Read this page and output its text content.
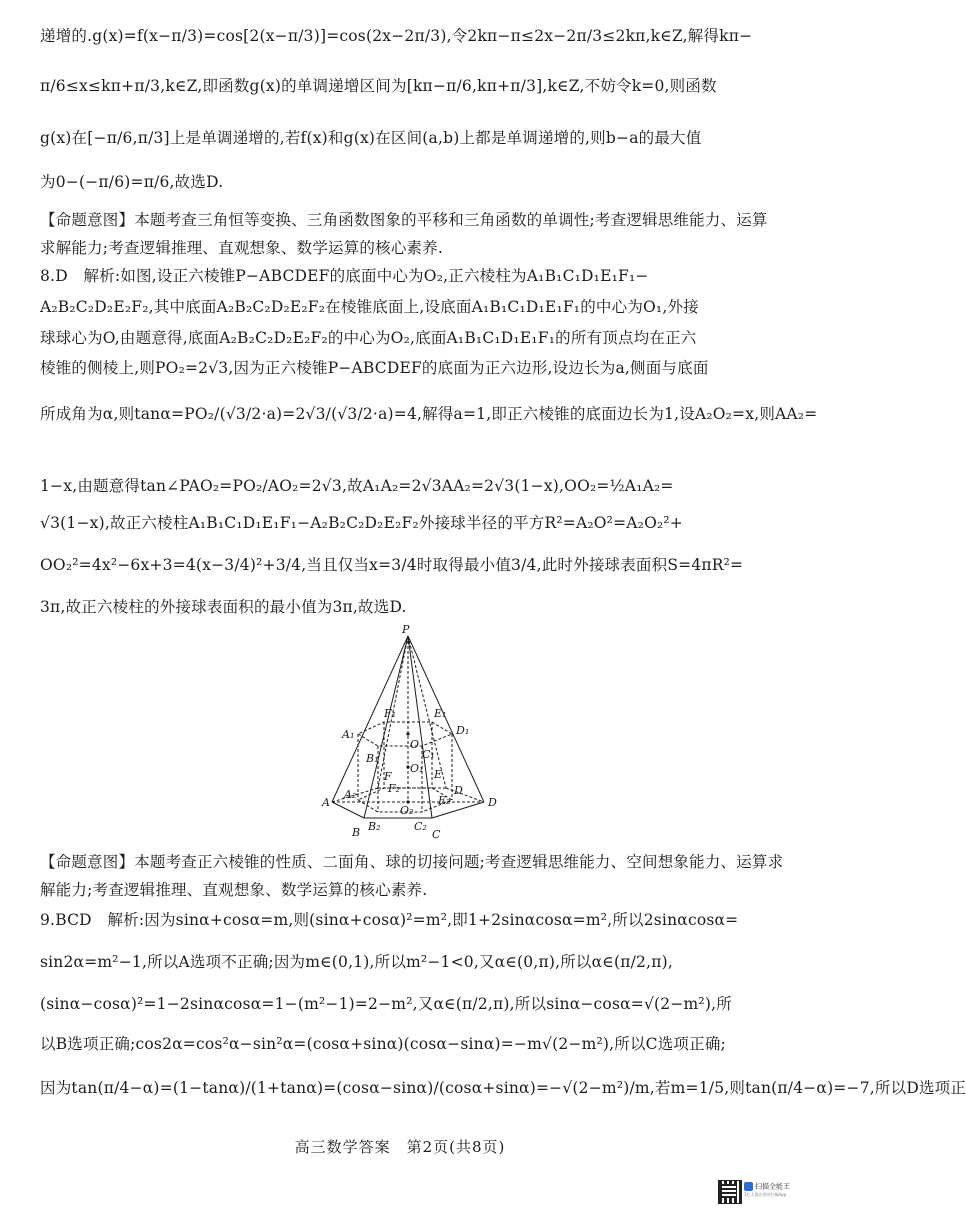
递增的.g(x)=f(x−π/3)=cos[2(x−π/3)]=cos(2x−2π/3),令2kπ−π≤2x−2π/3≤2kπ,k∈Z,解得kπ−
π/6≤x≤kπ+π/3,k∈Z,即函数g(x)的单调递增区间为[kπ−π/6,kπ+π/3],k∈Z,不妨令k=0,则函数
g(x)在[−π/6,π/3]上是单调递增的,若f(x)和g(x)在区间(a,b)上都是单调递增的,则b−a的最大值
为0−(−π/6)=π/6,故选D.
【命题意图】本题考查三角恒等变换、三角函数图象的平移和三角函数的单调性;考查逻辑思维能力、运算
求解能力;考查逻辑推理、直观想象、数学运算的核心素养.
8.D　解析:如图,设正六棱锥P−ABCDEF的底面中心为O₂,正六棱柱为A₁B₁C₁D₁E₁F₁−
A₂B₂C₂D₂E₂F₂,其中底面A₂B₂C₂D₂E₂F₂在棱锥底面上,设底面A₁B₁C₁D₁E₁F₁的中心为O₁,外接
球球心为O,由题意得,底面A₂B₂C₂D₂E₂F₂的中心为O₂,底面A₁B₁C₁D₁E₁F₁的所有顶点均在正六
棱锥的侧棱上,则PO₂=2√3,因为正六棱锥P−ABCDEF的底面为正六边形,设边长为a,侧面与底面
所成角为α,则tanα=PO₂/(√3/2·a)=2√3/(√3/2·a)=4,解得a=1,即正六棱锥的底面边长为1,设A₂O₂=x,则AA₂=
1−x,由题意得tan∠PAO₂=PO₂/AO₂=2√3,故A₁A₂=2√3AA₂=2√3(1−x),OO₂=½A₁A₂=
√3(1−x),故正六棱柱A₁B₁C₁D₁E₁F₁−A₂B₂C₂D₂E₂F₂外接球半径的平方R²=A₂O²=A₂O₂²+
OO₂²=4x²−6x+3=4(x−3/4)²+3/4,当且仅当x=3/4时取得最小值3/4,此时外接球表面积S=4πR²=
3π,故正六棱柱的外接球表面积的最小值为3π,故选D.
P
A₁
F₁	E₁
D₁
B₁	C₁
O
O₁
F	E
D
A
A₂	F₂
E₂	D
O₂
B B₂	C₂
C
【命题意图】本题考查正六棱锥的性质、二面角、球的切接问题;考查逻辑思维能力、空间想象能力、运算求
解能力;考查逻辑推理、直观想象、数学运算的核心素养.
9.BCD　解析:因为sinα+cosα=m,则(sinα+cosα)²=m²,即1+2sinαcosα=m²,所以2sinαcosα=
sin2α=m²−1,所以A选项不正确;因为m∈(0,1),所以m²−1<0,又α∈(0,π),所以α∈(π/2,π),
(sinα−cosα)²=1−2sinαcosα=1−(m²−1)=2−m²,又α∈(π/2,π),所以sinα−cosα=√(2−m²),所
以B选项正确;cos2α=cos²α−sin²α=(cosα+sinα)(cosα−sinα)=−m√(2−m²),所以C选项正确;
因为tan(π/4−α)=(1−tanα)/(1+tanα)=(cosα−sinα)/(cosα+sinα)=−√(2−m²)/m,若m=1/5,则tan(π/4−α)=−7,所以D选项正
高三数学答案　第2页(共8页)
扫描全能王
3亿人都在用的扫描App
